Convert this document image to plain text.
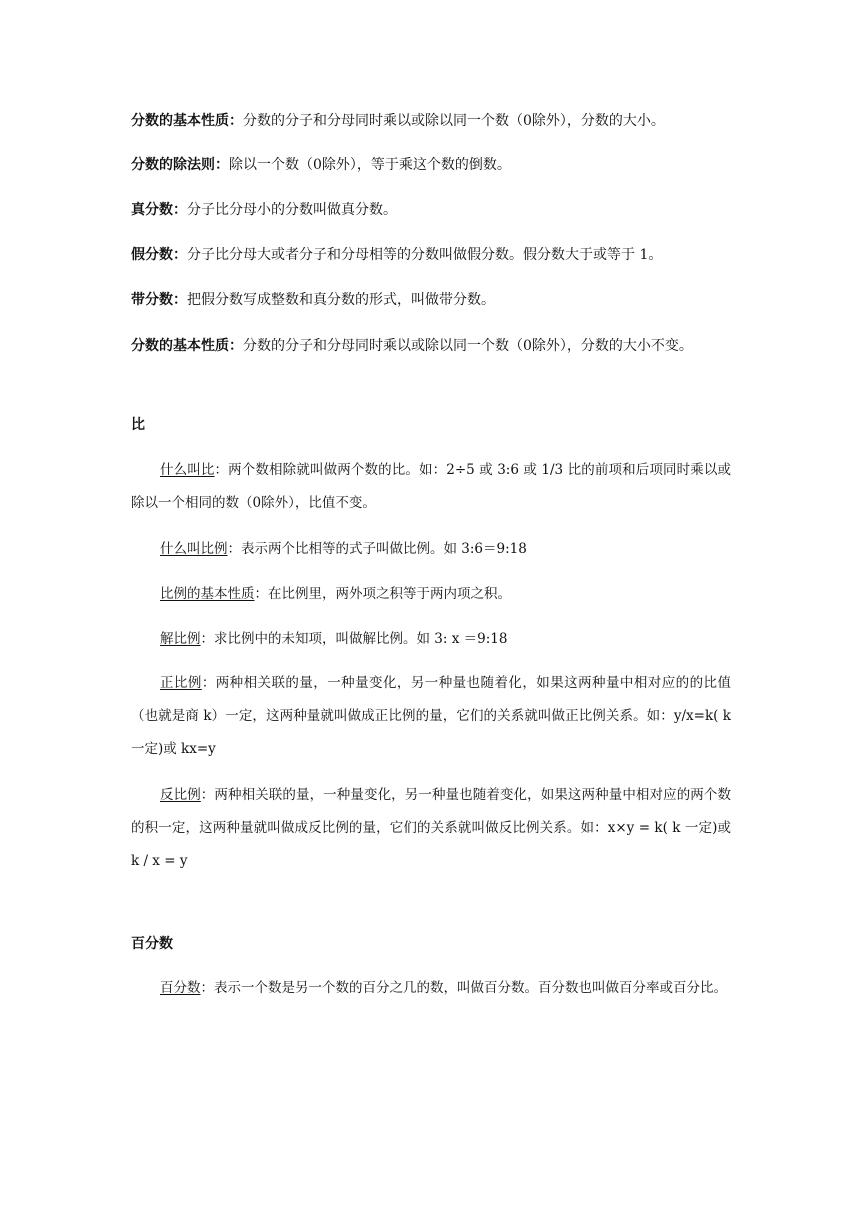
分数的基本性质：分数的分子和分母同时乘以或除以同一个数（0除外），分数的大小。
分数的除法则：除以一个数（0除外），等于乘这个数的倒数。
真分数：分子比分母小的分数叫做真分数。
假分数：分子比分母大或者分子和分母相等的分数叫做假分数。假分数大于或等于 1。
带分数：把假分数写成整数和真分数的形式，叫做带分数。
分数的基本性质：分数的分子和分母同时乘以或除以同一个数（0除外），分数的大小不变。
比
什么叫比：两个数相除就叫做两个数的比。如：2÷5 或 3:6 或 1/3 比的前项和后项同时乘以或除以一个相同的数（0除外），比值不变。
什么叫比例：表示两个比相等的式子叫做比例。如 3:6＝9:18
比例的基本性质：在比例里，两外项之积等于两内项之积。
解比例：求比例中的未知项，叫做解比例。如 3: x ＝9:18
正比例：两种相关联的量，一种量变化，另一种量也随着化，如果这两种量中相对应的的比值（也就是商 k）一定，这两种量就叫做成正比例的量，它们的关系就叫做正比例关系。如：y/x=k( k 一定)或 kx=y
反比例：两种相关联的量，一种量变化，另一种量也随着变化，如果这两种量中相对应的两个数的积一定，这两种量就叫做成反比例的量，它们的关系就叫做反比例关系。如：x×y = k( k 一定)或 k / x = y
百分数
百分数：表示一个数是另一个数的百分之几的数，叫做百分数。百分数也叫做百分率或百分比。
